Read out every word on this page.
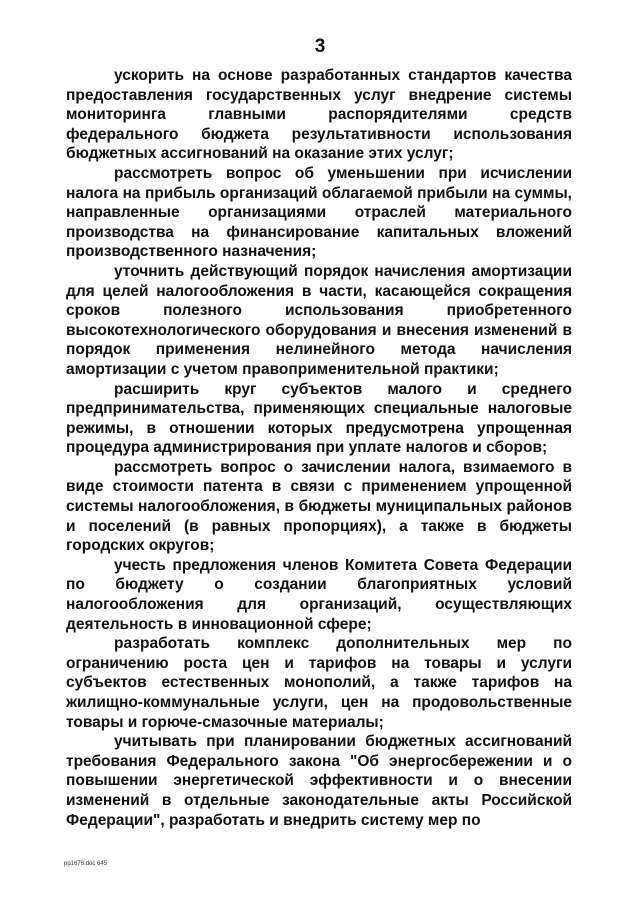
3

ускорить на основе разработанных стандартов качества предоставления государственных услуг внедрение системы мониторинга главными распорядителями средств федерального бюджета результативности использования бюджетных ассигнований на оказание этих услуг;

рассмотреть вопрос об уменьшении при исчислении налога на прибыль организаций облагаемой прибыли на суммы, направленные организациями отраслей материального производства на финансирование капитальных вложений производственного назначения;

уточнить действующий порядок начисления амортизации для целей налогообложения в части, касающейся сокращения сроков полезного использования приобретенного высокотехнологического оборудования и внесения изменений в порядок применения нелинейного метода начисления амортизации с учетом правоприменительной практики;

расширить круг субъектов малого и среднего предпринимательства, применяющих специальные налоговые режимы, в отношении которых предусмотрена упрощенная процедура администрирования при уплате налогов и сборов;

рассмотреть вопрос о зачислении налога, взимаемого в виде стоимости патента в связи с применением упрощенной системы налогообложения, в бюджеты муниципальных районов и поселений (в равных пропорциях), а также в бюджеты городских округов;

учесть предложения членов Комитета Совета Федерации по бюджету о создании благоприятных условий налогообложения для организаций, осуществляющих деятельность в инновационной сфере;

разработать комплекс дополнительных мер по ограничению роста цен и тарифов на товары и услуги субъектов естественных монополий, а также тарифов на жилищно-коммунальные услуги, цен на продовольственные товары и горюче-смазочные материалы;

учитывать при планировании бюджетных ассигнований требования Федерального закона "Об энергосбережении и о повышении энергетической эффективности и о внесении изменений в отдельные законодательные акты Российской Федерации", разработать и внедрить систему мер по

pp1676.doc 645
